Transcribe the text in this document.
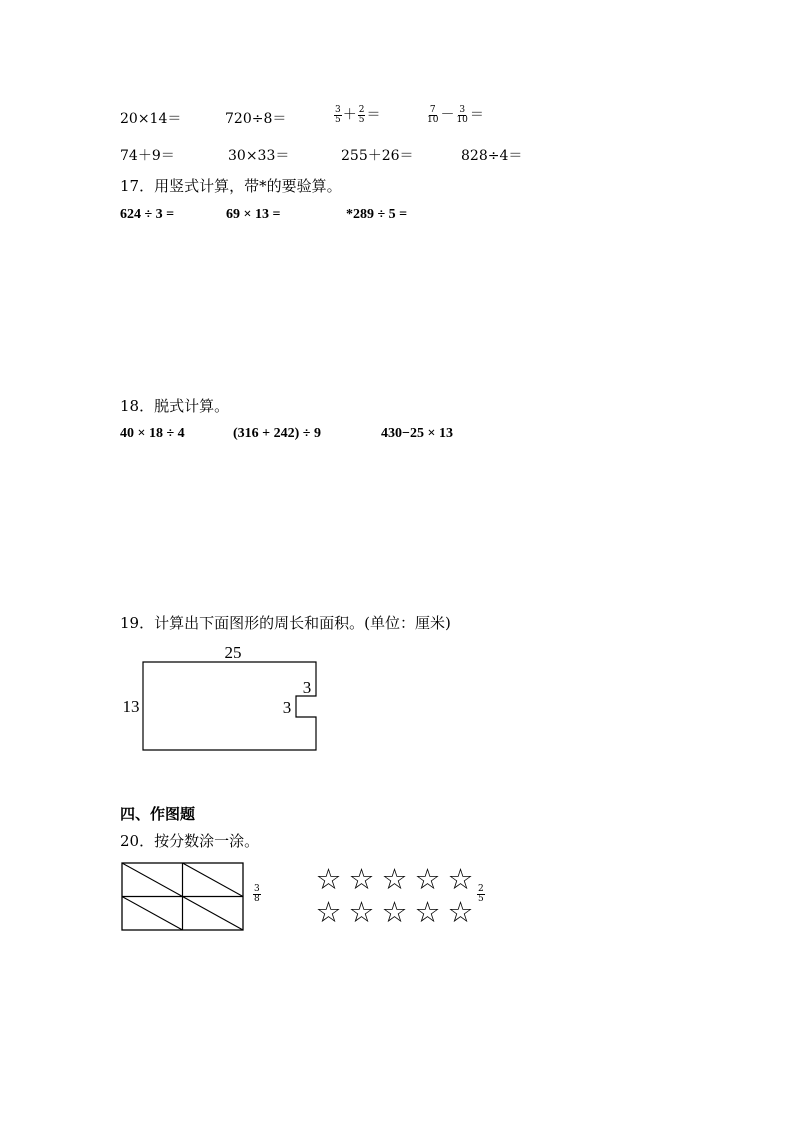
20×14＝	720÷8＝	$\frac{3}{5} + \frac{2}{5}$ ＝	$\frac{7}{10} - \frac{3}{10}$ ＝
74＋9＝	30×33＝	255＋26＝	828÷4＝
17．用竖式计算，带*的要验算。
624 ÷ 3 =	69 × 13 =	*289 ÷ 5 =
18．脱式计算。
40 × 18 ÷ 4	(316 + 242) ÷ 9	430−25 × 13
19．计算出下面图形的周长和面积。(单位：厘米)
25
13
3
3
四、作图题
20．按分数涂一涂。
$\frac{3}{8}$ ☆ ☆ ☆ ☆ ☆
☆ ☆ ☆ ☆ ☆
$\frac{2}{5}$
